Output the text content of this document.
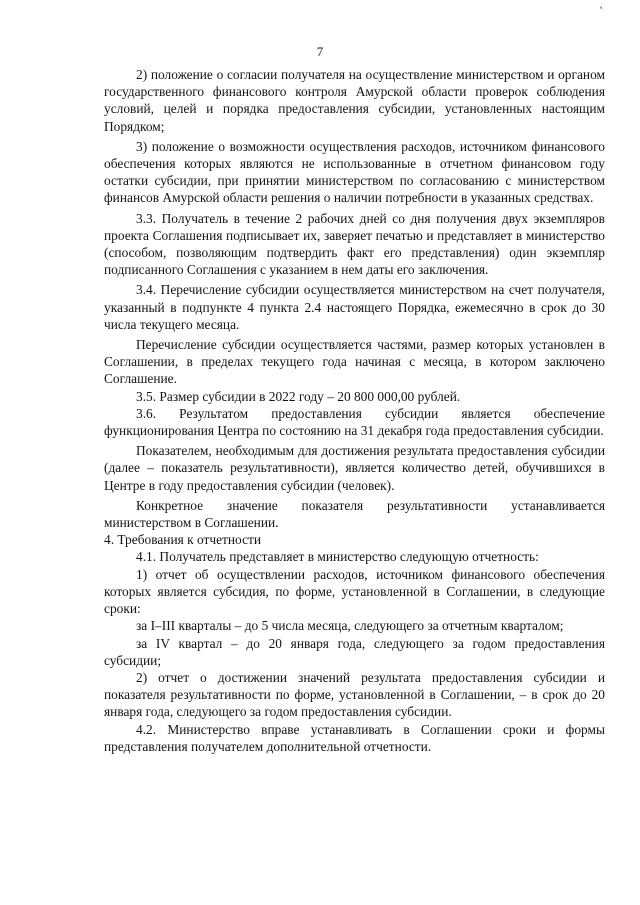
'
7

2) положение о согласии получателя на осуществление министерством и органом государственного финансового контроля Амурской области проверок соблюдения условий, целей и порядка предоставления субсидии, установленных настоящим Порядком;

3) положение о возможности осуществления расходов, источником финансового обеспечения которых являются не использованные в отчетном финансовом году остатки субсидии, при принятии министерством по согласованию с министерством финансов Амурской области решения о наличии потребности в указанных средствах.

3.3. Получатель в течение 2 рабочих дней со дня получения двух экземпляров проекта Соглашения подписывает их, заверяет печатью и представляет в министерство (способом, позволяющим подтвердить факт его представления) один экземпляр подписанного Соглашения с указанием в нем даты его заключения.

3.4. Перечисление субсидии осуществляется министерством на счет получателя, указанный в подпункте 4 пункта 2.4 настоящего Порядка, ежемесячно в срок до 30 числа текущего месяца.

Перечисление субсидии осуществляется частями, размер которых установлен в Соглашении, в пределах текущего года начиная с месяца, в котором заключено Соглашение.

3.5. Размер субсидии в 2022 году – 20 800 000,00 рублей.

3.6. Результатом предоставления субсидии является обеспечение функционирования Центра по состоянию на 31 декабря года предоставления субсидии.

Показателем, необходимым для достижения результата предоставления субсидии (далее – показатель результативности), является количество детей, обучившихся в Центре в году предоставления субсидии (человек).

Конкретное значение показателя результативности устанавливается министерством в Соглашении.

4. Требования к отчетности

4.1. Получатель представляет в министерство следующую отчетность:

1) отчет об осуществлении расходов, источником финансового обеспечения которых является субсидия, по форме, установленной в Соглашении, в следующие сроки:

за I–III кварталы – до 5 числа месяца, следующего за отчетным кварталом;

за IV квартал – до 20 января года, следующего за годом предоставления субсидии;

2) отчет о достижении значений результата предоставления субсидии и показателя результативности по форме, установленной в Соглашении, – в срок до 20 января года, следующего за годом предоставления субсидии.

4.2. Министерство вправе устанавливать в Соглашении сроки и формы представления получателем дополнительной отчетности.
